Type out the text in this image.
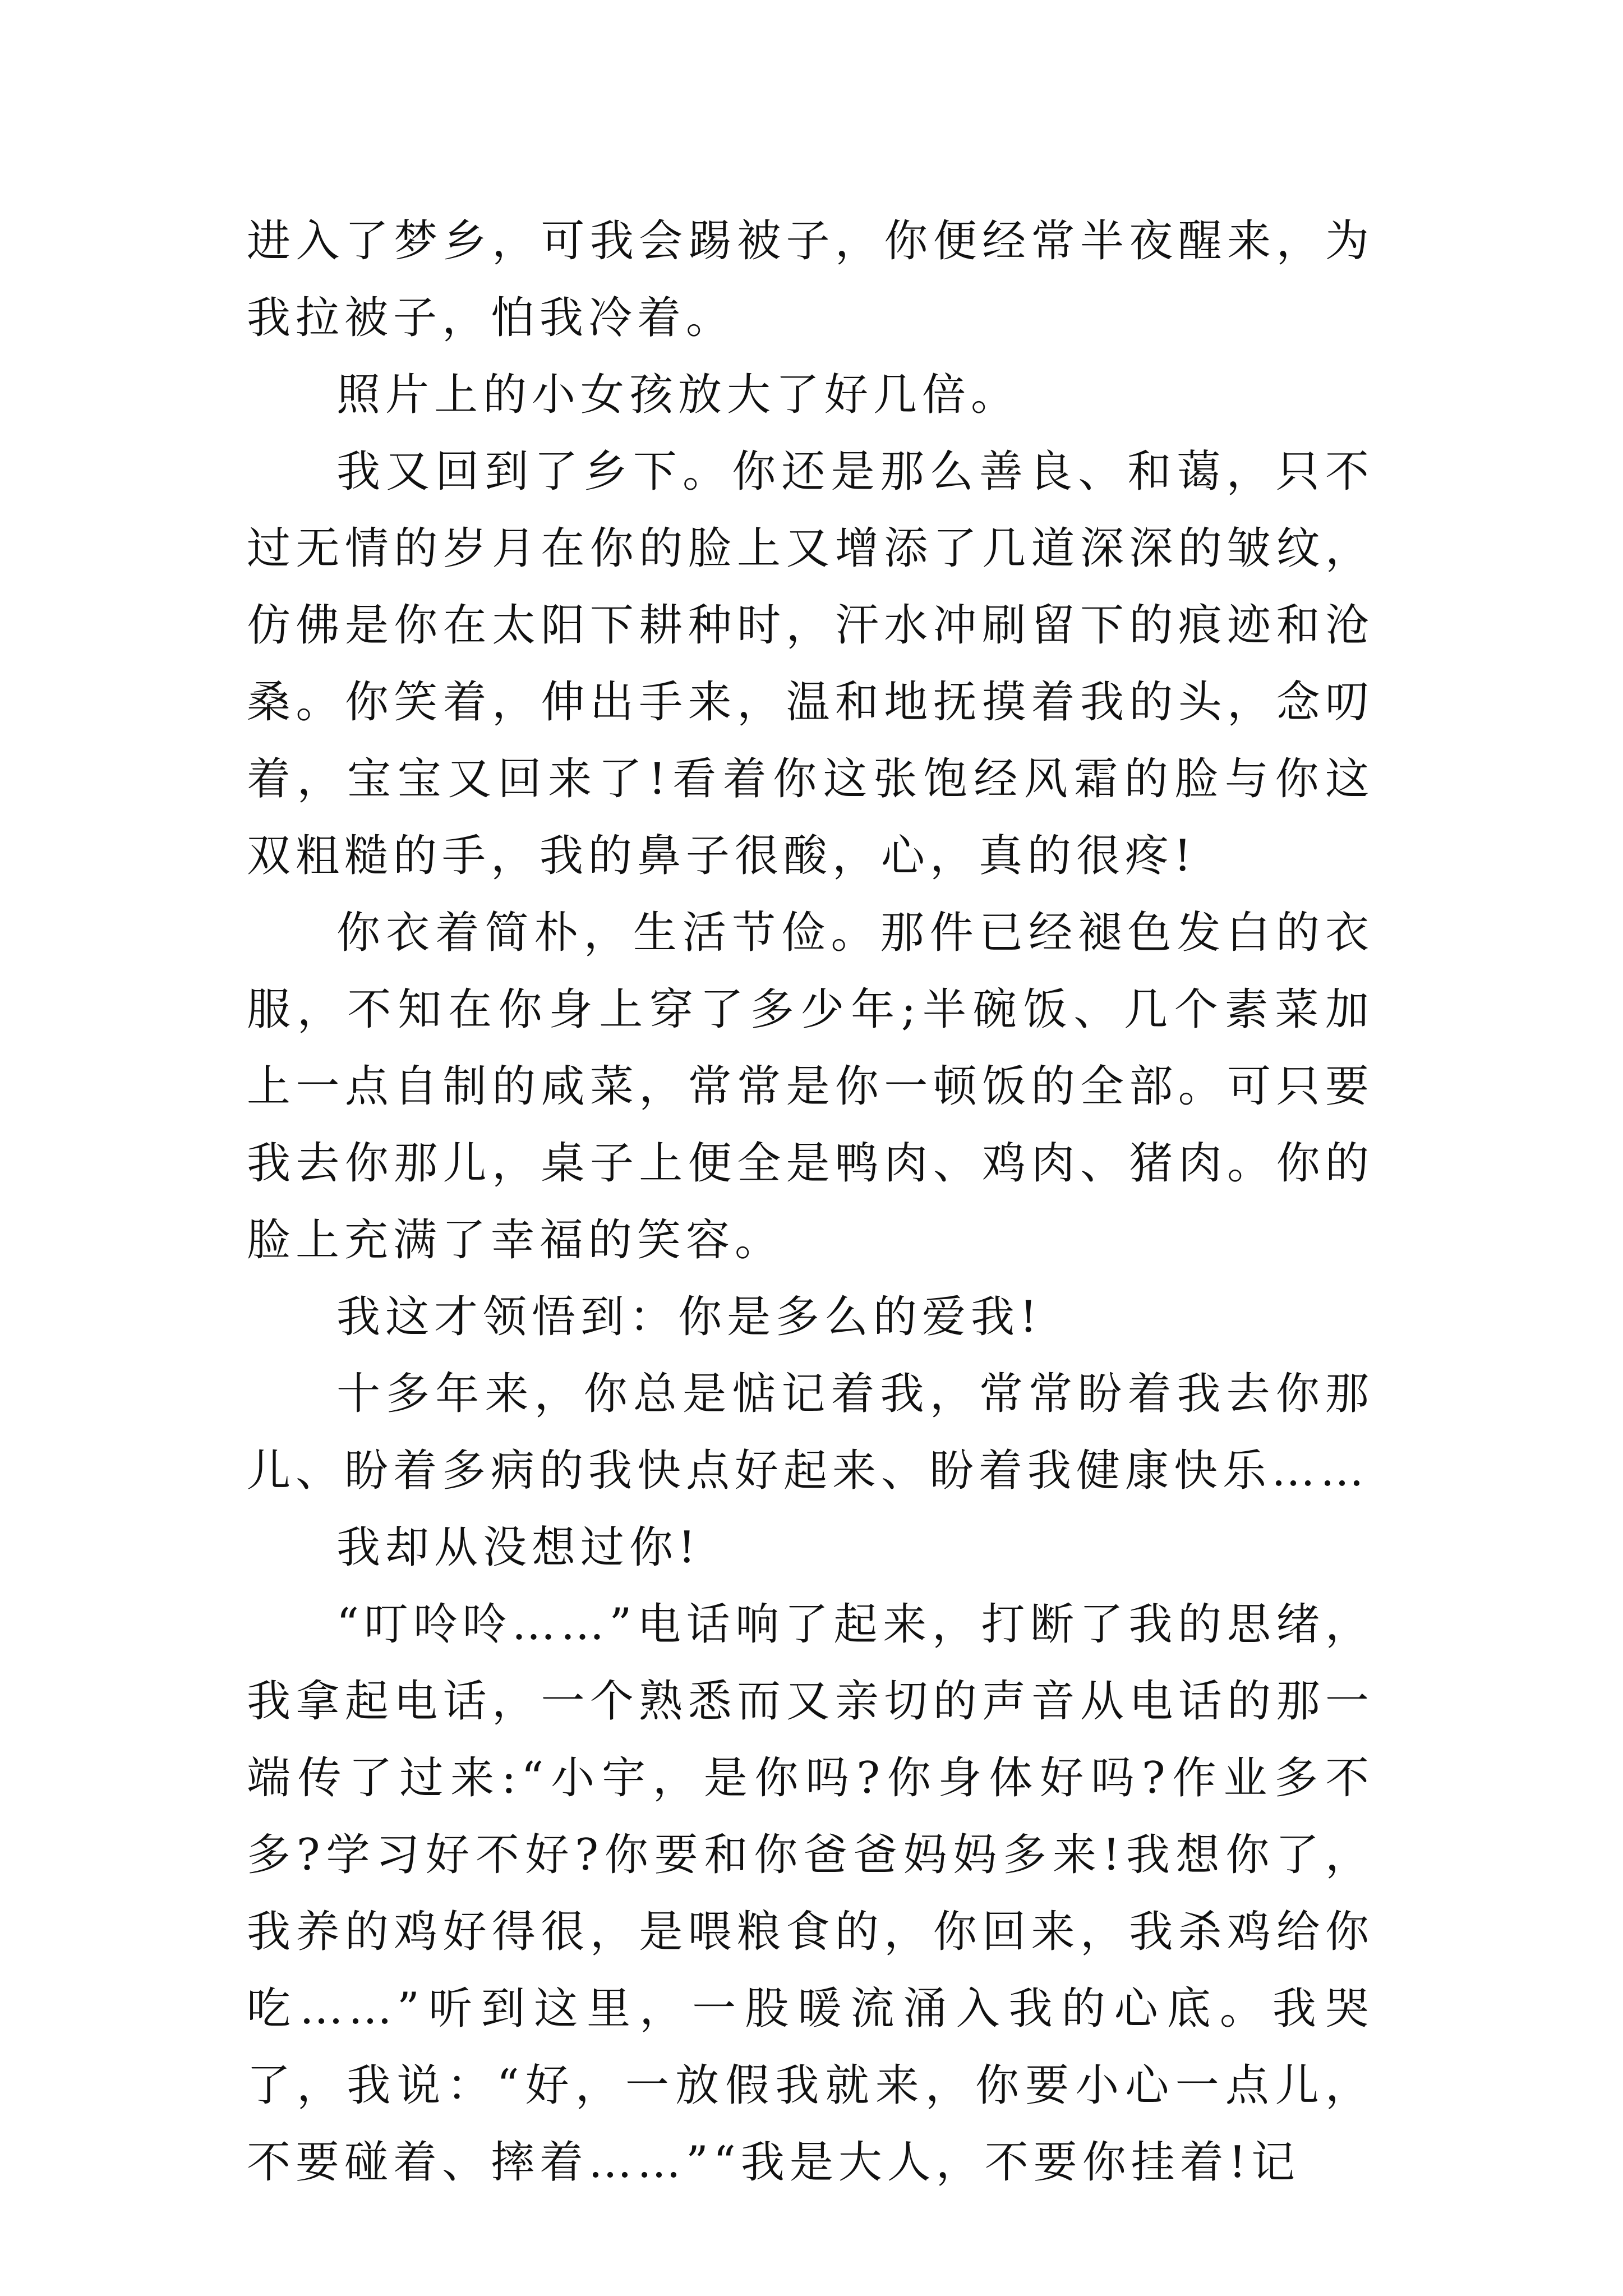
进入了梦乡，可我会踢被子，你便经常半夜醒来，为我拉被子，怕我冷着。

照片上的小女孩放大了好几倍。

我又回到了乡下。你还是那么善良、和蔼，只不过无情的岁月在你的脸上又增添了几道深深的皱纹，仿佛是你在太阳下耕种时，汗水冲刷留下的痕迹和沧桑。你笑着，伸出手来，温和地抚摸着我的头，念叨着，宝宝又回来了!看着你这张饱经风霜的脸与你这双粗糙的手，我的鼻子很酸，心，真的很疼!

你衣着简朴，生活节俭。那件已经褪色发白的衣服，不知在你身上穿了多少年;半碗饭、几个素菜加上一点自制的咸菜，常常是你一顿饭的全部。可只要我去你那儿，桌子上便全是鸭肉、鸡肉、猪肉。你的脸上充满了幸福的笑容。

我这才领悟到：你是多么的爱我!

十多年来，你总是惦记着我，常常盼着我去你那儿、盼着多病的我快点好起来、盼着我健康快乐……

我却从没想过你!

“叮呤呤……”电话响了起来，打断了我的思绪，我拿起电话，一个熟悉而又亲切的声音从电话的那一端传了过来:“小宇，是你吗?你身体好吗?作业多不多?学习好不好?你要和你爸爸妈妈多来!我想你了，我养的鸡好得很，是喂粮食的，你回来，我杀鸡给你吃……”听到这里，一股暖流涌入我的心底。我哭了，我说：“好，一放假我就来，你要小心一点儿，不要碰着、摔着……”“我是大人，不要你挂着!记
